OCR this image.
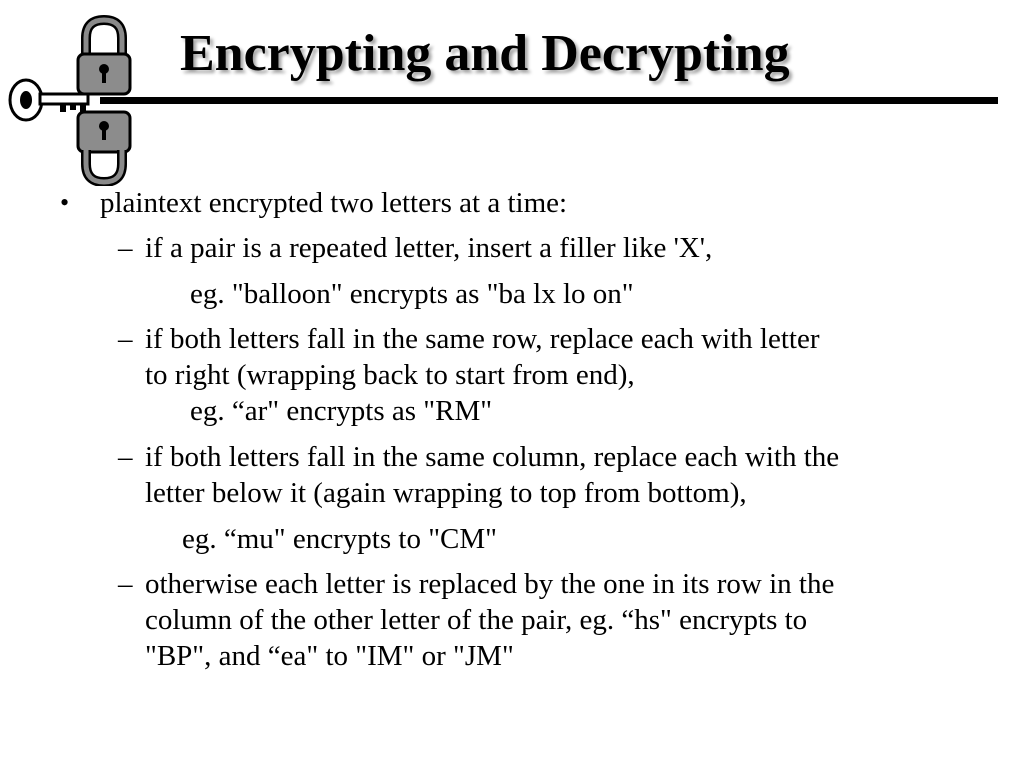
Encrypting and Decrypting
• plaintext encrypted two letters at a time:
– if a pair is a repeated letter, insert a filler like 'X',
eg. "balloon" encrypts as "ba lx lo on"
– if both letters fall in the same row, replace each with letter
to right (wrapping back to start from end),
eg. “ar" encrypts as "RM"
– if both letters fall in the same column, replace each with the
letter below it (again wrapping to top from bottom),
eg. “mu" encrypts to "CM"
– otherwise each letter is replaced by the one in its row in the
column of the other letter of the pair, eg. “hs" encrypts to
"BP", and “ea" to "IM" or "JM"
